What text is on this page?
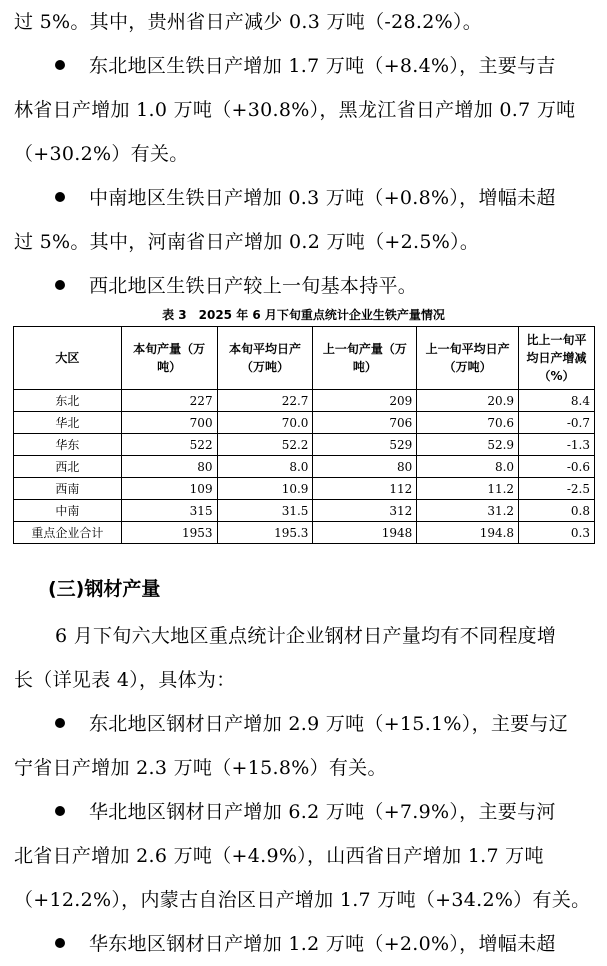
过 5%。其中，贵州省日产减少 0.3 万吨（-28.2%）。
东北地区生铁日产增加 1.7 万吨（+8.4%），主要与吉
林省日产增加 1.0 万吨（+30.8%），黑龙江省日产增加 0.7 万吨
（+30.2%）有关。
中南地区生铁日产增加 0.3 万吨（+0.8%），增幅未超
过 5%。其中，河南省日产增加 0.2 万吨（+2.5%）。
西北地区生铁日产较上一旬基本持平。
表 3　2025 年 6 月下旬重点统计企业生铁产量情况
大区	本旬产量（万吨）	本旬平均日产（万吨）	上一旬产量（万吨）	上一旬平均日产（万吨）	比上一旬平均日产增减（%）
东北	227	22.7	209	20.9	8.4
华北	700	70.0	706	70.6	-0.7
华东	522	52.2	529	52.9	-1.3
西北	80	8.0	80	8.0	-0.6
西南	109	10.9	112	11.2	-2.5
中南	315	31.5	312	31.2	0.8
重点企业合计	1953	195.3	1948	194.8	0.3
(三)钢材产量
6 月下旬六大地区重点统计企业钢材日产量均有不同程度增
长（详见表 4），具体为：
东北地区钢材日产增加 2.9 万吨（+15.1%），主要与辽
宁省日产增加 2.3 万吨（+15.8%）有关。
华北地区钢材日产增加 6.2 万吨（+7.9%），主要与河
北省日产增加 2.6 万吨（+4.9%），山西省日产增加 1.7 万吨
（+12.2%），内蒙古自治区日产增加 1.7 万吨（+34.2%）有关。
华东地区钢材日产增加 1.2 万吨（+2.0%），增幅未超
